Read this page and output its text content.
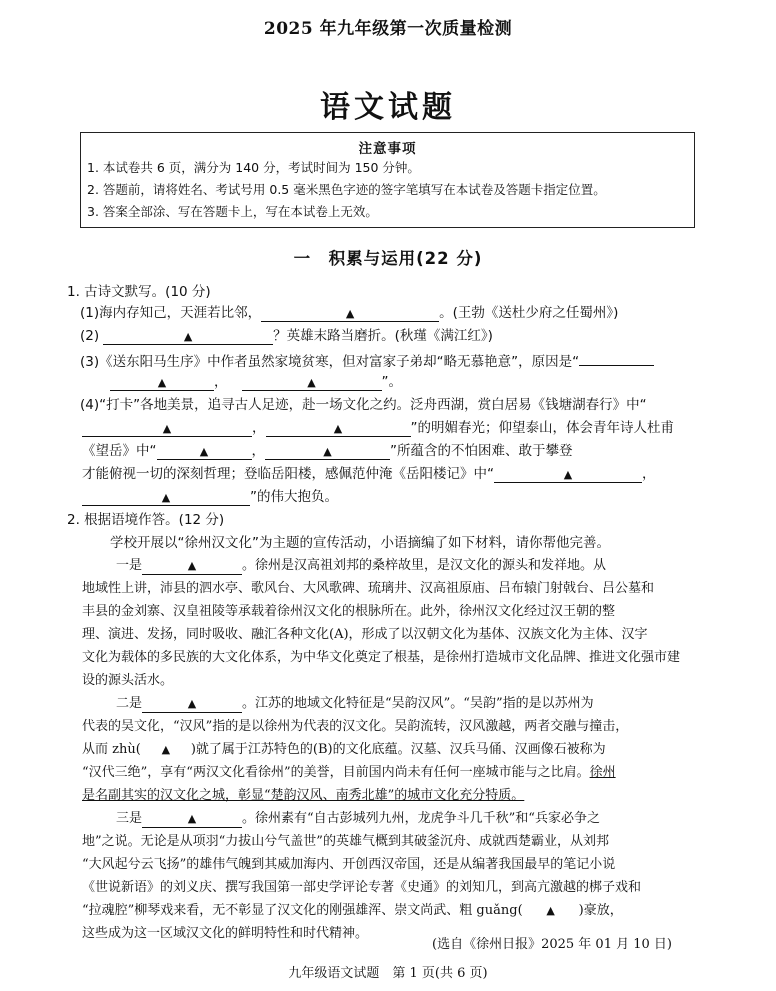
2025 年九年级第一次质量检测
语文试题
注意事项
1. 本试卷共 6 页，满分为 140 分，考试时间为 150 分钟。
2. 答题前，请将姓名、考试号用 0.5 毫米黑色字迹的签字笔填写在本试卷及答题卡指定位置。
3. 答案全部涂、写在答题卡上，写在本试卷上无效。
一　积累与运用(22 分)
1. 古诗文默写。(10 分)
(1)海内存知己，天涯若比邻，	▲	。(王勃《送杜少府之任蜀州》)
(2)	▲	？英雄末路当磨折。(秋瑾《满江红》)
(3)《送东阳马生序》中作者虽然家境贫寒，但对富家子弟却“略无慕艳意”，原因是“
▲	，	▲	”。
(4)“打卡”各地美景，追寻古人足迹，赴一场文化之约。泛舟西湖，赏白居易《钱塘湖春行》中“
▲	，	▲	”的明媚春光；仰望泰山，体会青年诗人杜甫
《望岳》中“	▲	，	▲	”所蕴含的不怕困难、敢于攀登
才能俯视一切的深刻哲理；登临岳阳楼，感佩范仲淹《岳阳楼记》中“	▲	，
▲	”的伟大抱负。
2. 根据语境作答。(12 分)
学校开展以“徐州汉文化”为主题的宣传活动，小语摘编了如下材料，请你帮他完善。
一是	▲	。徐州是汉高祖刘邦的桑梓故里，是汉文化的源头和发祥地。从
地域性上讲，沛县的泗水亭、歌风台、大风歌碑、琉璃井、汉高祖原庙、吕布辕门射戟台、吕公墓和
丰县的金刘寨、汉皇祖陵等承载着徐州汉文化的根脉所在。此外，徐州汉文化经过汉王朝的整
理、演进、发扬，同时吸收、融汇各种文化(A)，形成了以汉朝文化为基体、汉族文化为主体、汉字
文化为载体的多民族的大文化体系，为中华文化奠定了根基，是徐州打造城市文化品牌、推进文化强市建
设的源头活水。
二是	▲	。江苏的地域文化特征是“吴韵汉风”。“吴韵”指的是以苏州为
代表的吴文化，“汉风”指的是以徐州为代表的汉文化。吴韵流转，汉风激越，两者交融与撞击，
从而 zhù( ▲ )就了属于江苏特色的(B)的文化底蕴。汉墓、汉兵马俑、汉画像石被称为
“汉代三绝”，享有“两汉文化看徐州”的美誉，目前国内尚未有任何一座城市能与之比肩。徐州
是名副其实的汉文化之城，彰显“楚韵汉风、南秀北雄”的城市文化充分特质。
三是	▲	。徐州素有“自古彭城列九州，龙虎争斗几千秋”和“兵家必争之
地”之说。无论是从项羽“力拔山兮气盖世”的英雄气概到其破釜沉舟、成就西楚霸业，从刘邦
“大风起兮云飞扬”的雄伟气魄到其威加海内、开创西汉帝国，还是从编著我国最早的笔记小说
《世说新语》的刘义庆、撰写我国第一部史学评论专著《史通》的刘知几，到高亢激越的梆子戏和
“拉魂腔”柳琴戏来看，无不彰显了汉文化的刚强雄浑、崇文尚武、粗 guǎng( ▲ )豪放，
这些成为这一区域汉文化的鲜明特性和时代精神。
(选自《徐州日报》2025 年 01 月 10 日)
九年级语文试题　第 1 页(共 6 页)
